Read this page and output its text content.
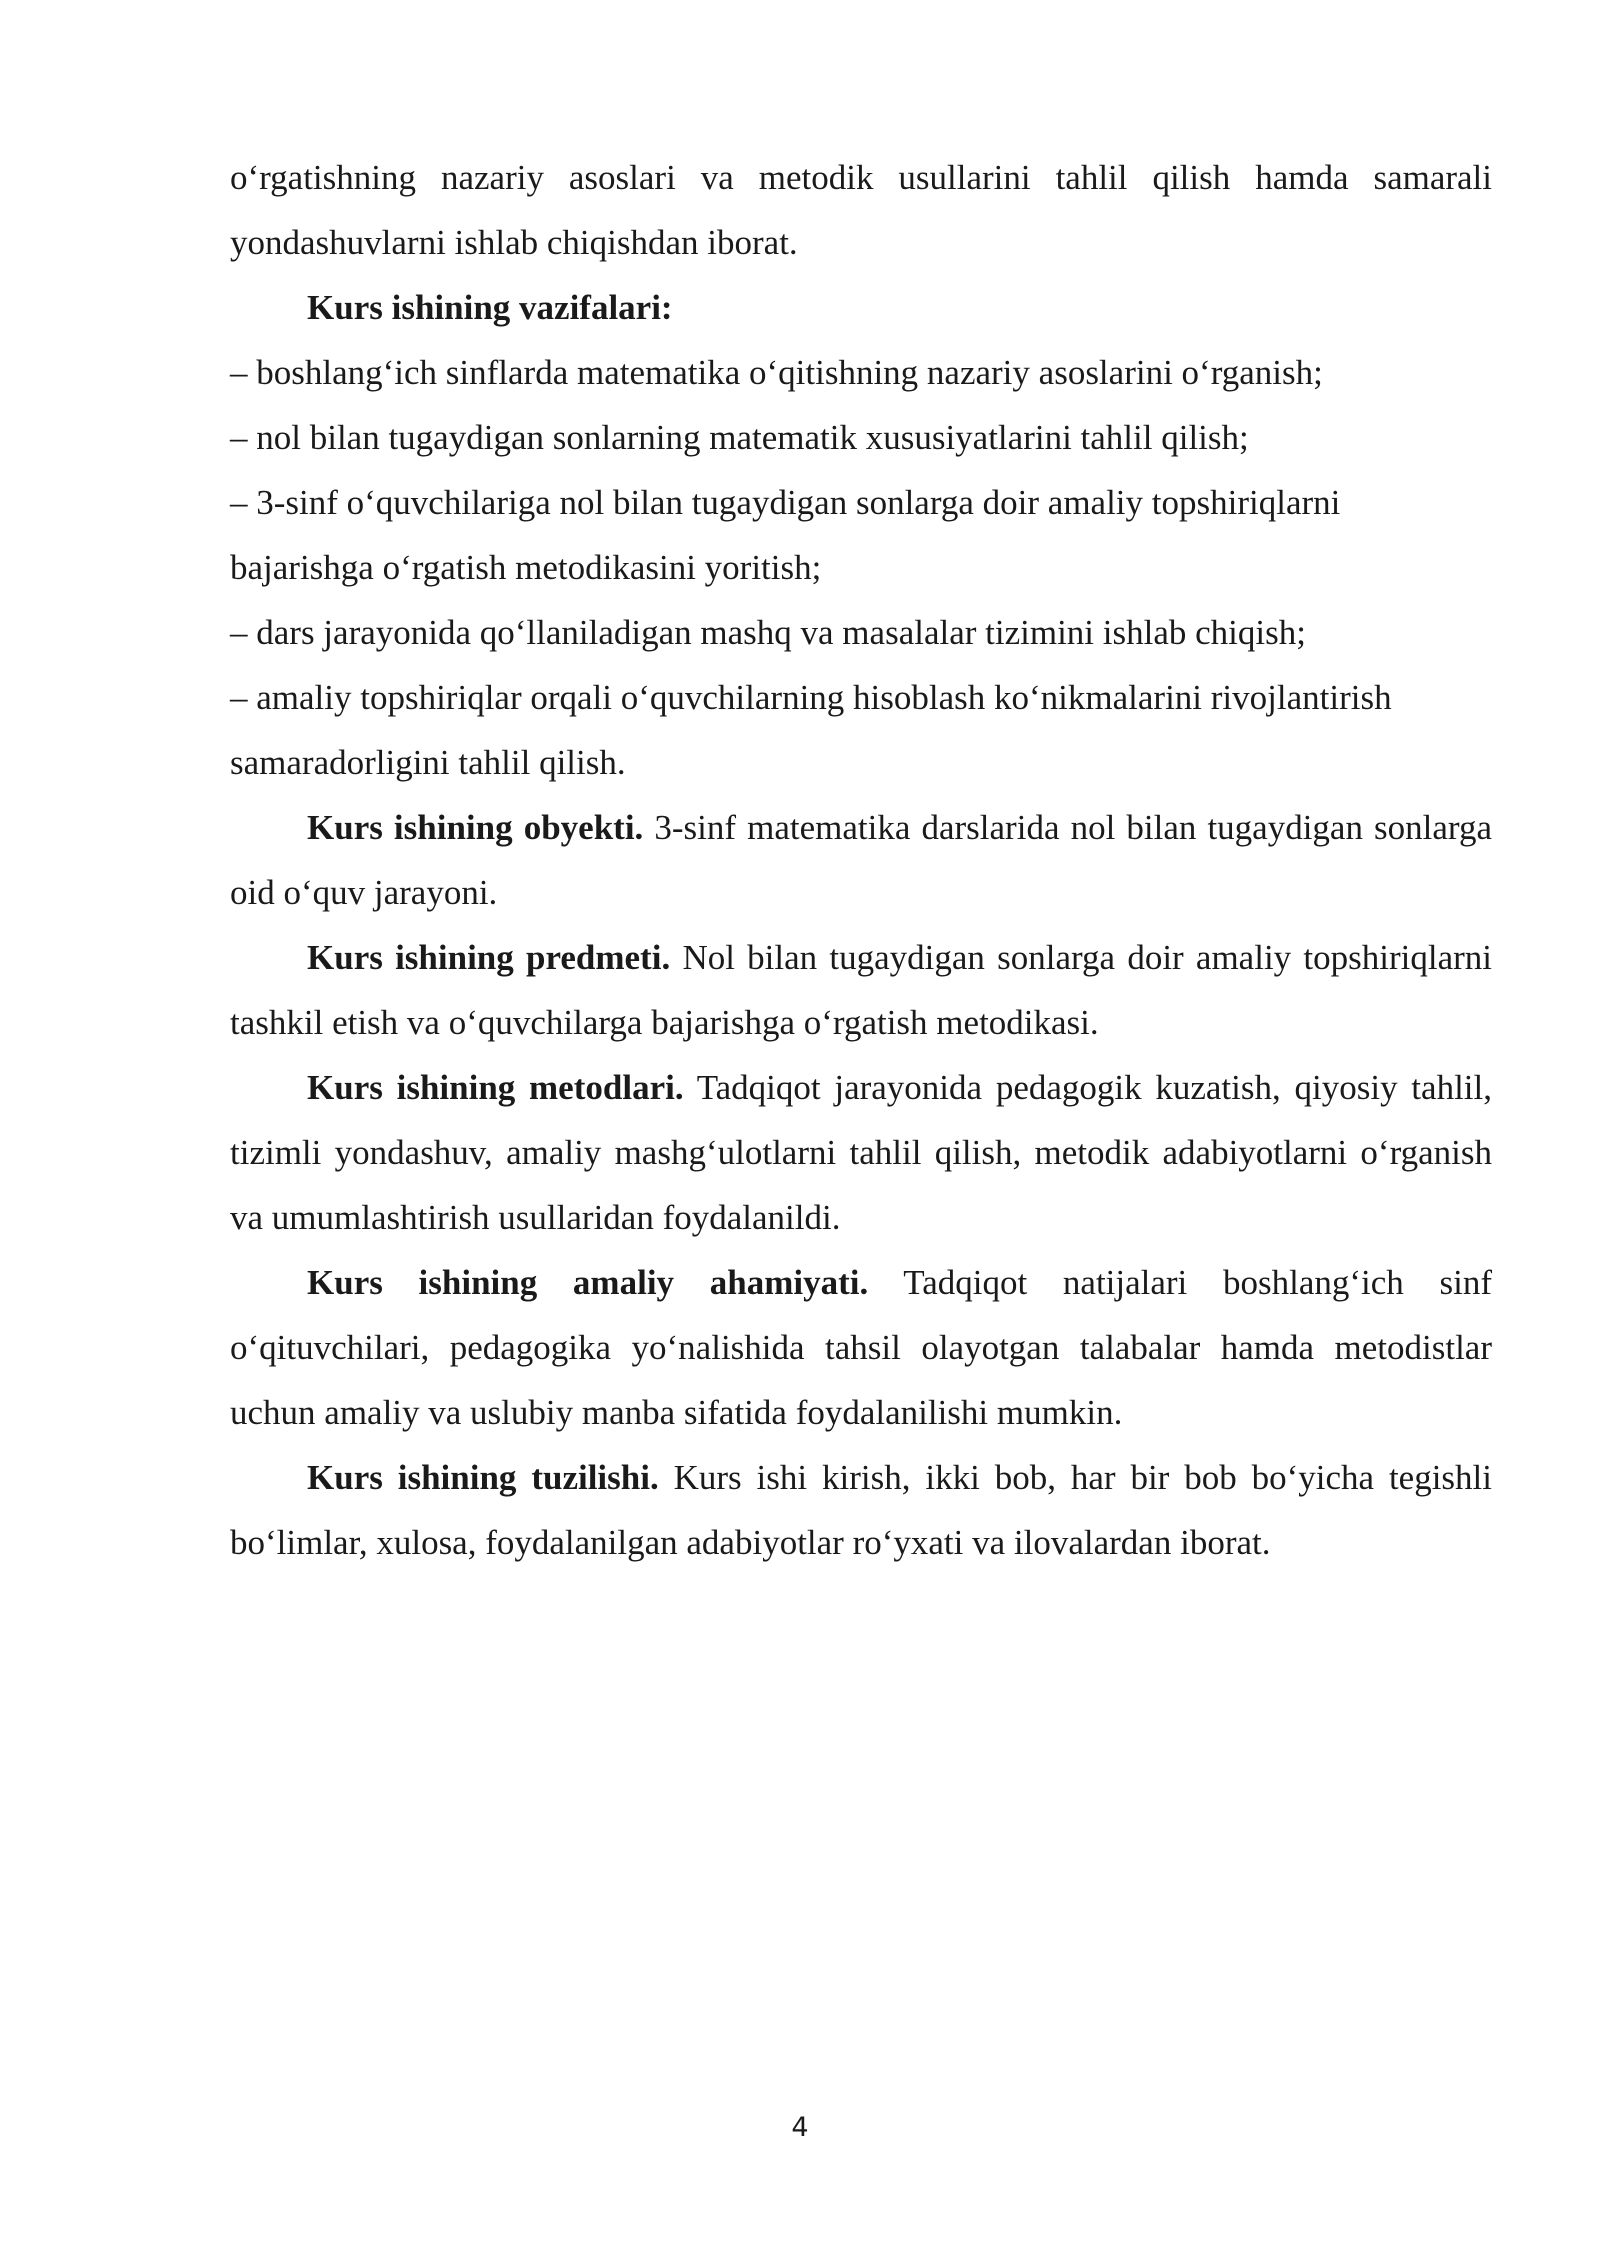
o‘rgatishning nazariy asoslari va metodik usullarini tahlil qilish hamda samarali yondashuvlarni ishlab chiqishdan iborat.

Kurs ishining vazifalari:

– boshlang‘ich sinflarda matematika o‘qitishning nazariy asoslarini o‘rganish;

– nol bilan tugaydigan sonlarning matematik xususiyatlarini tahlil qilish;

– 3-sinf o‘quvchilariga nol bilan tugaydigan sonlarga doir amaliy topshiriqlarni bajarishga o‘rgatish metodikasini yoritish;

– dars jarayonida qo‘llaniladigan mashq va masalalar tizimini ishlab chiqish;

– amaliy topshiriqlar orqali o‘quvchilarning hisoblash ko‘nikmalarini rivojlantirish samaradorligini tahlil qilish.

Kurs ishining obyekti. 3-sinf matematika darslarida nol bilan tugaydigan sonlarga oid o‘quv jarayoni.

Kurs ishining predmeti. Nol bilan tugaydigan sonlarga doir amaliy topshiriqlarni tashkil etish va o‘quvchilarga bajarishga o‘rgatish metodikasi.

Kurs ishining metodlari. Tadqiqot jarayonida pedagogik kuzatish, qiyosiy tahlil, tizimli yondashuv, amaliy mashg‘ulotlarni tahlil qilish, metodik adabiyotlarni o‘rganish va umumlashtirish usullaridan foydalanildi.

Kurs ishining amaliy ahamiyati. Tadqiqot natijalari boshlang‘ich sinf o‘qituvchilari, pedagogika yo‘nalishida tahsil olayotgan talabalar hamda metodistlar uchun amaliy va uslubiy manba sifatida foydalanilishi mumkin.

Kurs ishining tuzilishi. Kurs ishi kirish, ikki bob, har bir bob bo‘yicha tegishli bo‘limlar, xulosa, foydalanilgan adabiyotlar ro‘yxati va ilovalardan iborat.

4
